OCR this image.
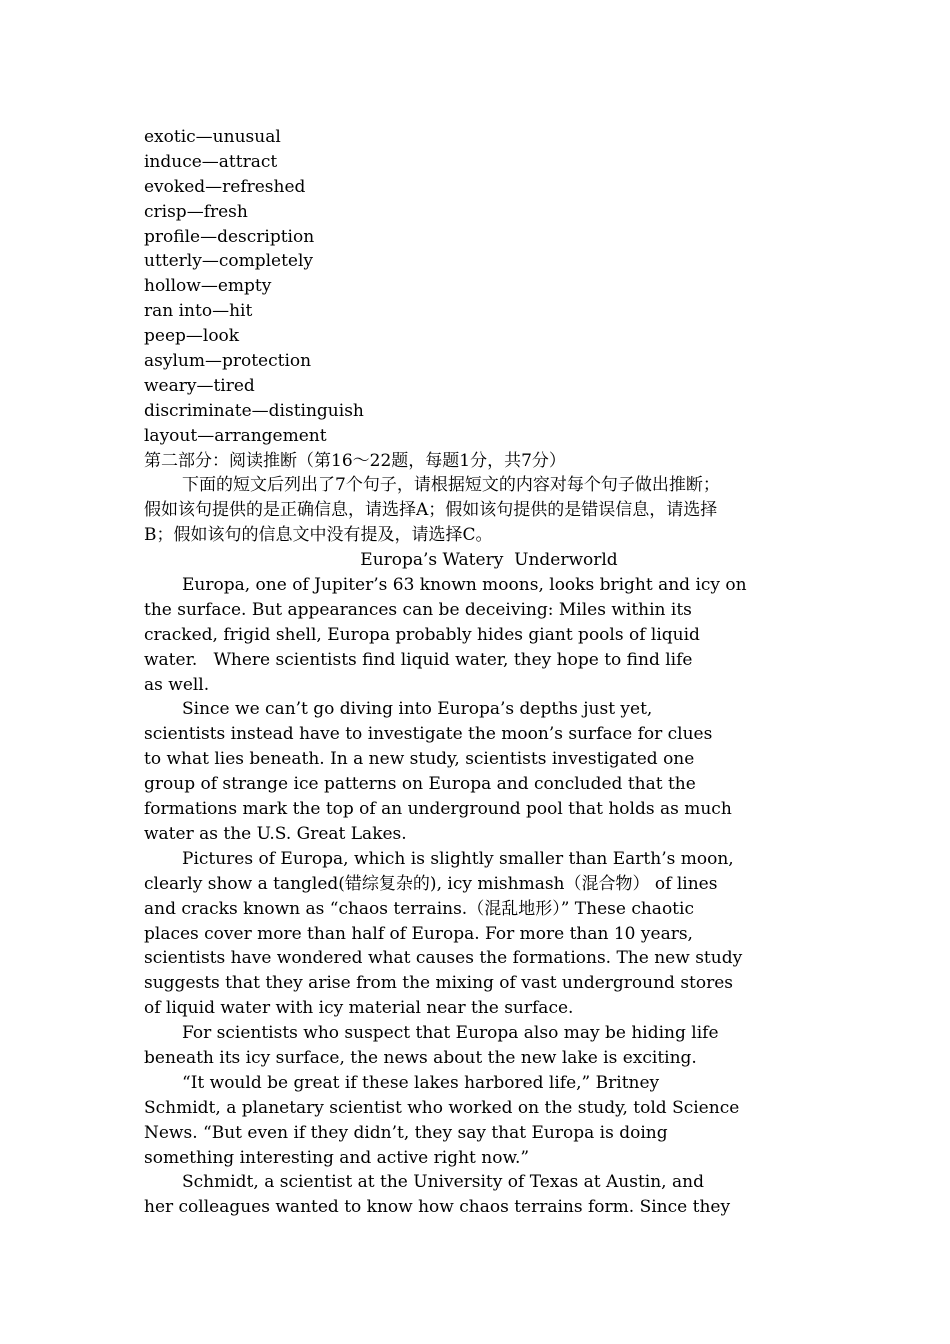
exotic—unusual
induce—attract
evoked—refreshed
crisp—fresh
profile—description
utterly—completely
hollow—empty
ran into—hit
peep—look
asylum—protection
weary—tired
discriminate—distinguish
layout—arrangement
第二部分：阅读推断（第16～22题，每题1分，共7分）
下面的短文后列出了7个句子，请根据短文的内容对每个句子做出推断；
假如该句提供的是正确信息，请选择A；假如该句提供的是错误信息，请选择
B；假如该句的信息文中没有提及，请选择C。
Europa’s Watery  Underworld
Europa, one of Jupiter’s 63 known moons, looks bright and icy on
the surface. But appearances can be deceiving: Miles within its
cracked, frigid shell, Europa probably hides giant pools of liquid
water.   Where scientists find liquid water, they hope to find life
as well.
Since we can’t go diving into Europa’s depths just yet,
scientists instead have to investigate the moon’s surface for clues
to what lies beneath. In a new study, scientists investigated one
group of strange ice patterns on Europa and concluded that the
formations mark the top of an underground pool that holds as much
water as the U.S. Great Lakes.
Pictures of Europa, which is slightly smaller than Earth’s moon,
clearly show a tangled(错综复杂的), icy mishmash（混合物） of lines
and cracks known as “chaos terrains.（混乱地形）” These chaotic
places cover more than half of Europa. For more than 10 years,
scientists have wondered what causes the formations. The new study
suggests that they arise from the mixing of vast underground stores
of liquid water with icy material near the surface.
For scientists who suspect that Europa also may be hiding life
beneath its icy surface, the news about the new lake is exciting.
“It would be great if these lakes harbored life,” Britney
Schmidt, a planetary scientist who worked on the study, told Science
News. “But even if they didn’t, they say that Europa is doing
something interesting and active right now.”
Schmidt, a scientist at the University of Texas at Austin, and
her colleagues wanted to know how chaos terrains form. Since they
